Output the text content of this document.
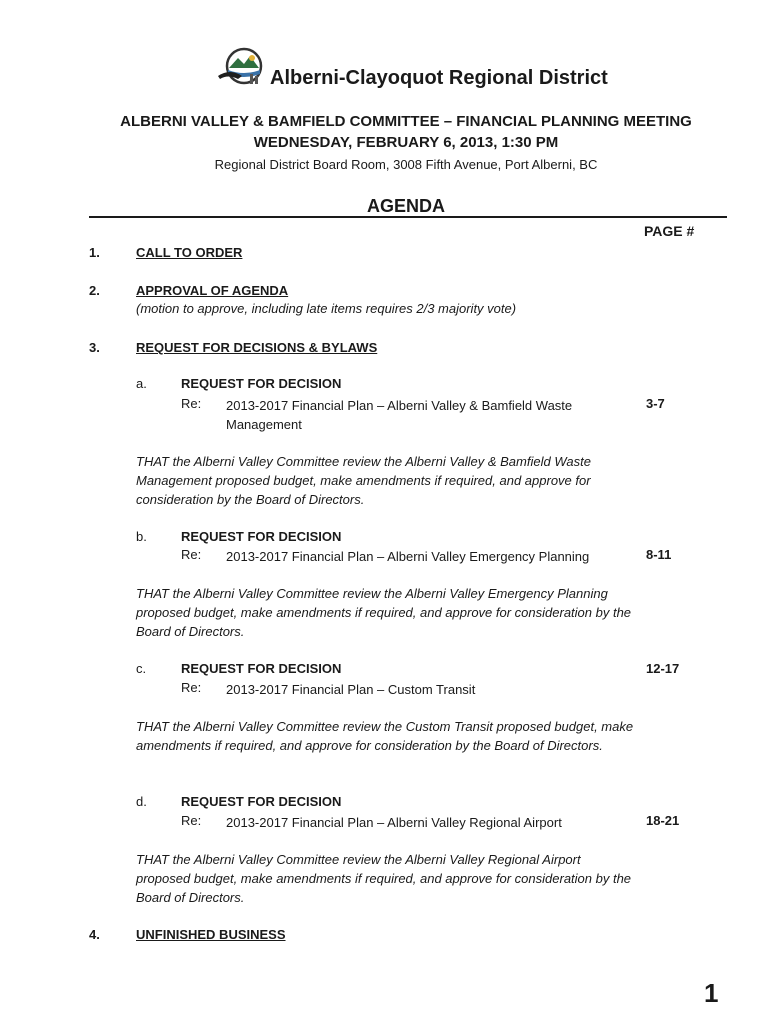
Alberni-Clayoquot Regional District
ALBERNI VALLEY & BAMFIELD COMMITTEE – FINANCIAL PLANNING MEETING
WEDNESDAY, FEBRUARY 6, 2013, 1:30 PM
Regional District Board Room, 3008 Fifth Avenue, Port Alberni, BC
AGENDA
PAGE #
1.	CALL TO ORDER
2.	APPROVAL OF AGENDA
(motion to approve, including late items requires 2/3 majority vote)
3.	REQUEST FOR DECISIONS & BYLAWS
a.	REQUEST FOR DECISION
Re: 2013-2017 Financial Plan – Alberni Valley & Bamfield Waste Management
3-7
THAT the Alberni Valley Committee review the Alberni Valley & Bamfield Waste Management proposed budget, make amendments if required, and approve for consideration by the Board of Directors.
b.	REQUEST FOR DECISION
Re: 2013-2017 Financial Plan – Alberni Valley Emergency Planning	8-11
THAT the Alberni Valley Committee review the Alberni Valley Emergency Planning proposed budget, make amendments if required, and approve for consideration by the Board of Directors.
c.	REQUEST FOR DECISION
Re: 2013-2017 Financial Plan – Custom Transit
12-17
THAT the Alberni Valley Committee review the Custom Transit proposed budget, make amendments if required, and approve for consideration by the Board of Directors.
d.	REQUEST FOR DECISION
Re: 2013-2017 Financial Plan – Alberni Valley Regional Airport	18-21
THAT the Alberni Valley Committee review the Alberni Valley Regional Airport proposed budget, make amendments if required, and approve for consideration by the Board of Directors.
4.	UNFINISHED BUSINESS
1
